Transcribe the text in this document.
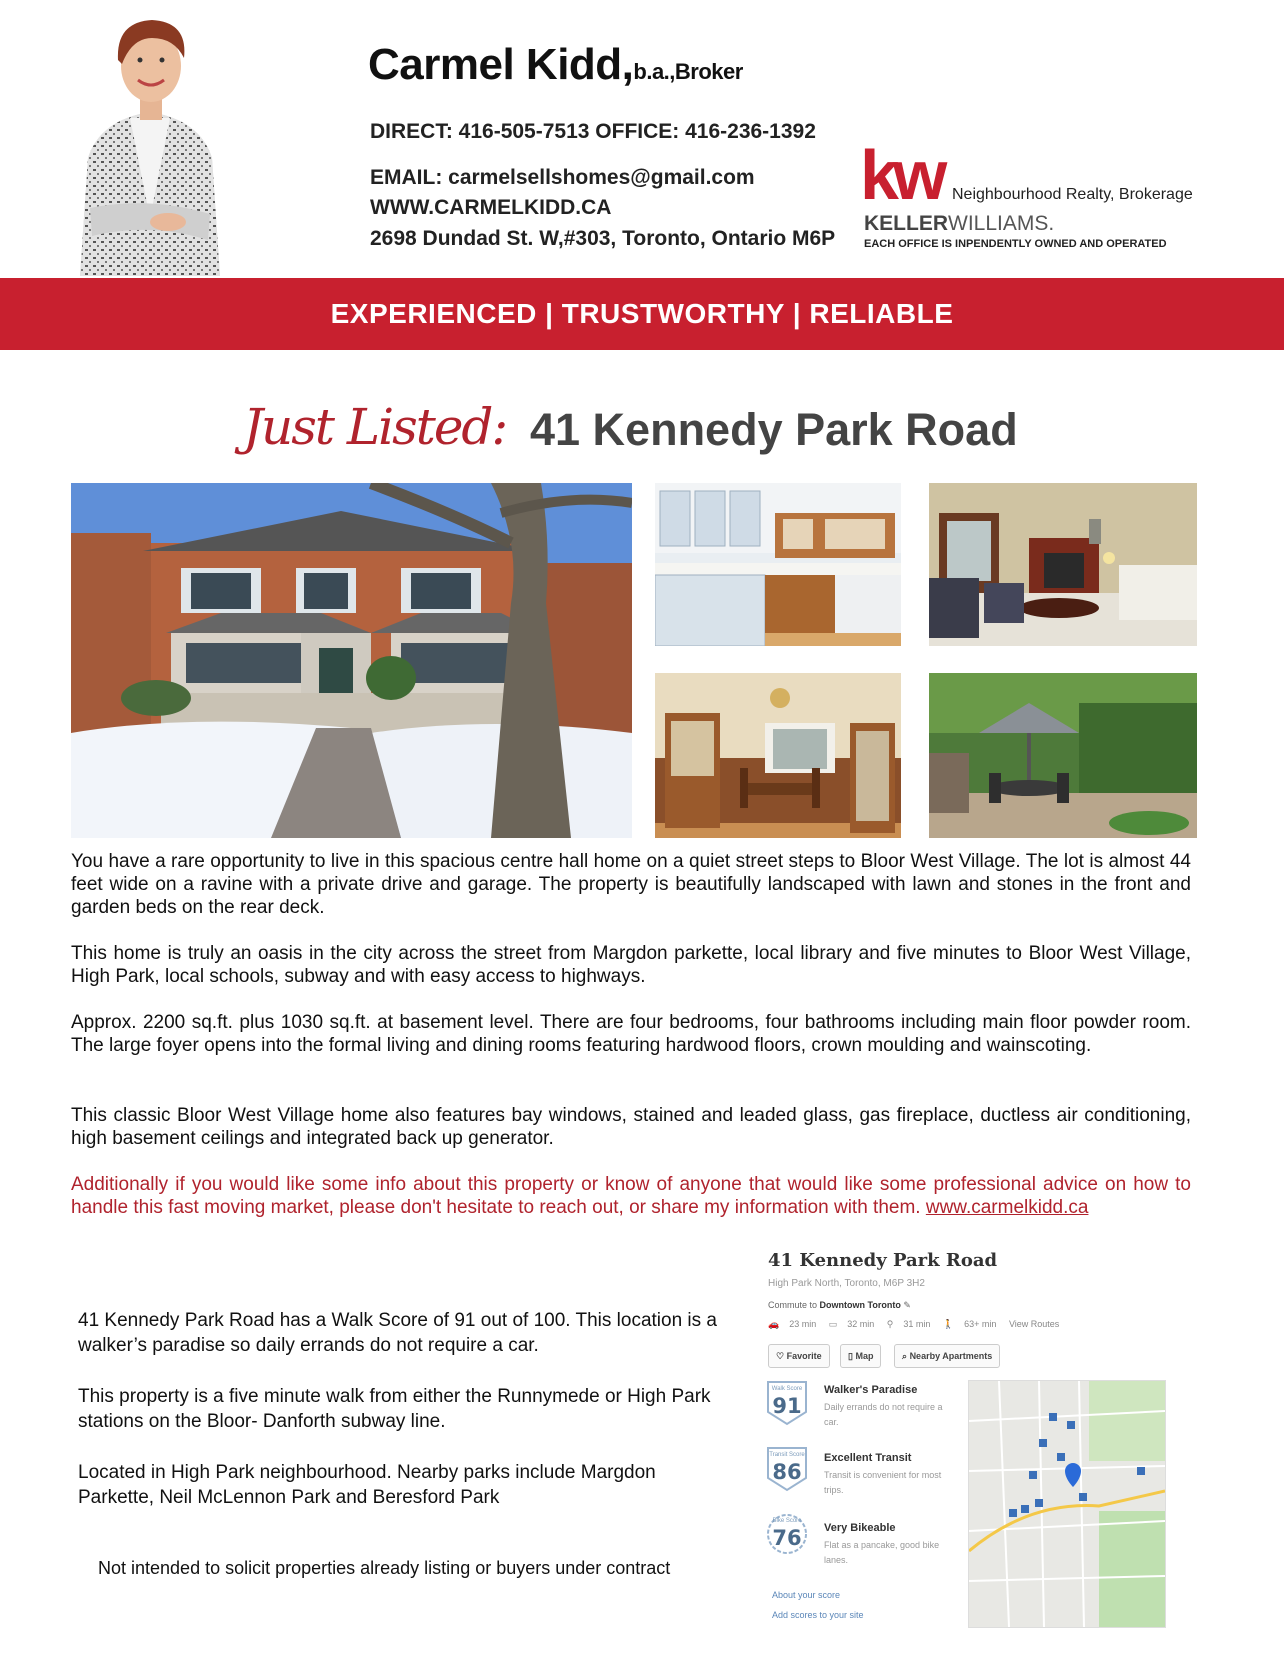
Carmel Kidd,b.a.,Broker
DIRECT: 416-505-7513 OFFICE: 416-236-1392
EMAIL: carmelsellshomes@gmail.com
WWW.CARMELKIDD.CA
2698 Dundad St. W,#303, Toronto, Ontario M6P
kw Neighbourhood Realty, Brokerage
KELLERWILLIAMS.
EACH OFFICE IS INPENDENTLY OWNED AND OPERATED
EXPERIENCED | TRUSTWORTHY | RELIABLE
Just Listed: 41 Kennedy Park Road
You have a rare opportunity to live in this spacious centre hall home on a quiet street steps to Bloor West Village. The lot is almost 44 feet wide on a ravine with a private drive and garage. The property is beautifully landscaped with lawn and stones in the front and garden beds on the rear deck.
This home is truly an oasis in the city across the street from Margdon parkette, local library and five minutes to Bloor West Village, High Park, local schools, subway and with easy access to highways.
Approx. 2200 sq.ft. plus 1030 sq.ft. at basement level. There are four bedrooms, four bathrooms including main floor powder room. The large foyer opens into the formal living and dining rooms featuring hardwood floors, crown moulding and wainscoting.
This classic Bloor West Village home also features bay windows, stained and leaded glass, gas fireplace, ductless air conditioning, high basement ceilings and integrated back up generator.
Additionally if you would like some info about this property or know of anyone that would like some professional advice on how to handle this fast moving market, please don't hesitate to reach out, or share my information with them. www.carmelkidd.ca
41 Kennedy Park Road has a Walk Score of 91 out of 100. This location is a walker’s paradise so daily errands do not require a car.
This property is a five minute walk from either the Runnymede or High Park stations on the Bloor- Danforth subway line.
Located in High Park neighbourhood. Nearby parks include Margdon Parkette, Neil McLennon Park and Beresford Park
Not intended to solicit properties already listing or buyers under contract
41 Kennedy Park Road
High Park North, Toronto, M6P 3H2
Commute to Downtown Toronto ✎
🚗 23 min ▭ 32 min ⚲ 31 min 🚶 63+ min View Routes
♡ Favorite	▯ Map	⌕ Nearby Apartments
Walk Score
91
Walker's Paradise
Daily errands do not require a car.
Transit Score
86
Excellent Transit
Transit is convenient for most trips.
Bike Score
76	Very Bikeable
Flat as a pancake, good bike lanes.
About your score
Add scores to your site
